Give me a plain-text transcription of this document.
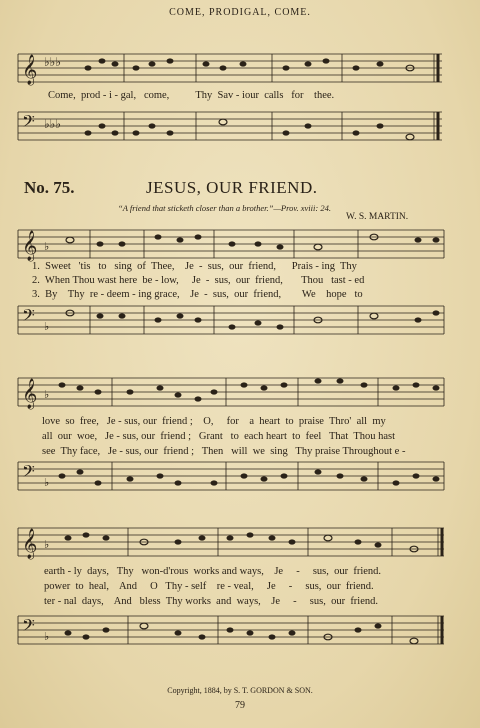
COME, PRODIGAL, COME.
𝄞 ♭♭♭
Come,  prod - i - gal,   come,          Thy  Sav - iour  calls   for    thee.
𝄢 ♭♭♭
No. 75.	JESUS, OUR FRIEND.
“A friend that sticketh closer than a brother.”—Prov. xviii: 24.
W. S. MARTIN.
𝄞 ♭
1.  Sweet   'tis   to   sing  of  Thee,    Je  -  sus,  our  friend,      Prais - ing  Thy
2.  When Thou wast here  be - low,     Je  -  sus,  our  friend,       Thou   tast - ed
3.  By    Thy  re - deem - ing grace,    Je  -  sus,  our  friend,        We    hope   to
𝄢 ♭
𝄞 ♭
love  so  free,   Je - sus, our  friend ;    O,     for    a  heart  to  praise  Thro'  all  my
all  our  woe,   Je - sus, our  friend ;   Grant   to  each heart  to  feel   That  Thou hast
see  Thy face,   Je - sus, our  friend ;   Then   will  we  sing   Thy praise Throughout e -
𝄢 ♭
𝄞 ♭
earth - ly  days,   Thy   won-d'rous  works and ways,    Je     -     sus,  our  friend.
power  to  heal,    And     O   Thy - self    re - veal,     Je     -     sus,  our  friend.
ter - nal  days,    And   bless  Thy works  and  ways,    Je     -     sus,  our  friend.
𝄢 ♭
Copyright, 1884, by S. T. GORDON & SON.
79
